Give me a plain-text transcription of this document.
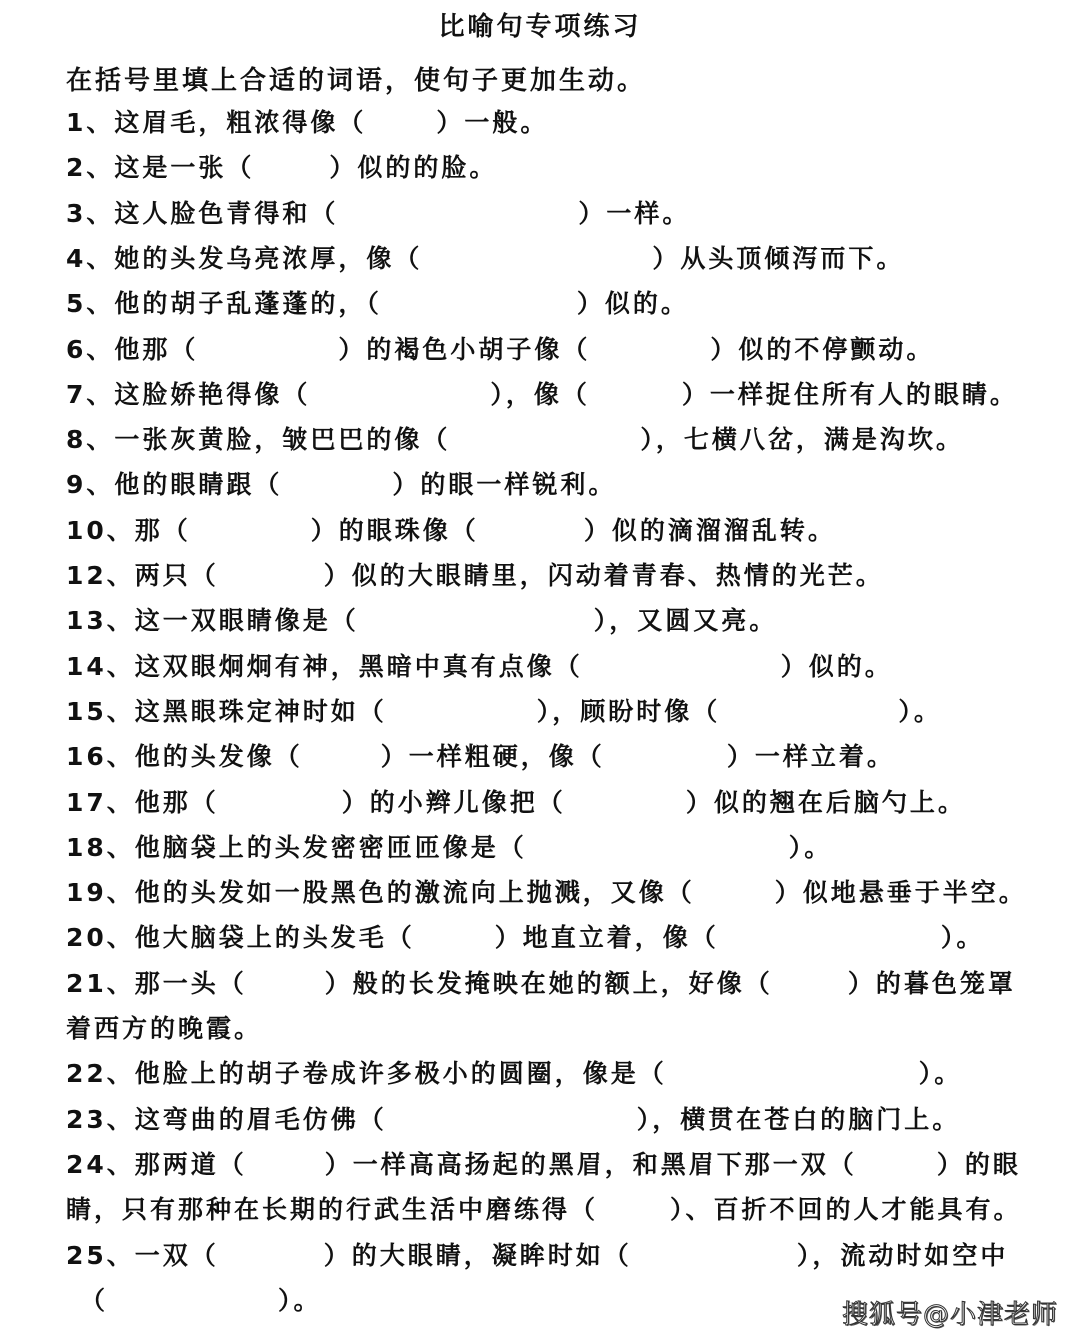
比喻句专项练习
在括号里填上合适的词语，使句子更加生动。
1、这眉毛，粗浓得像（	）一般。
2、这是一张（	）似的的脸。
3、这人脸色青得和（	）一样。
4、她的头发乌亮浓厚，像（	）从头顶倾泻而下。
5、他的胡子乱蓬蓬的，（	）似的。
6、他那（	）的褐色小胡子像（	）似的不停颤动。
7、这脸娇艳得像（	），像（	）一样捉住所有人的眼睛。
8、一张灰黄脸，皱巴巴的像（	），七横八岔，满是沟坎。
9、他的眼睛跟（	）的眼一样锐利。
10、那（	）的眼珠像（	）似的滴溜溜乱转。
12、两只（	）似的大眼睛里，闪动着青春、热情的光芒。
13、这一双眼睛像是（	），又圆又亮。
14、这双眼炯炯有神，黑暗中真有点像（	）似的。
15、这黑眼珠定神时如（	），顾盼时像（	）。
16、他的头发像（	）一样粗硬，像（	）一样立着。
17、他那（	）的小辫儿像把（	）似的翘在后脑勺上。
18、他脑袋上的头发密密匝匝像是（	）。
19、他的头发如一股黑色的激流向上抛溅，又像（	）似地悬垂于半空。
20、他大脑袋上的头发毛（	）地直立着，像（	）。
21、那一头（	）般的长发掩映在她的额上，好像（	）的暮色笼罩
着西方的晚霞。
22、他脸上的胡子卷成许多极小的圆圈，像是（	）。
23、这弯曲的眉毛仿佛（	），横贯在苍白的脑门上。
24、那两道（	）一样高高扬起的黑眉，和黑眉下那一双（	）的眼
睛，只有那种在长期的行武生活中磨练得（	）、百折不回的人才能具有。
25、一双（	）的大眼睛，凝眸时如（	），流动时如空中
（	）。	搜狐号@小津老师
